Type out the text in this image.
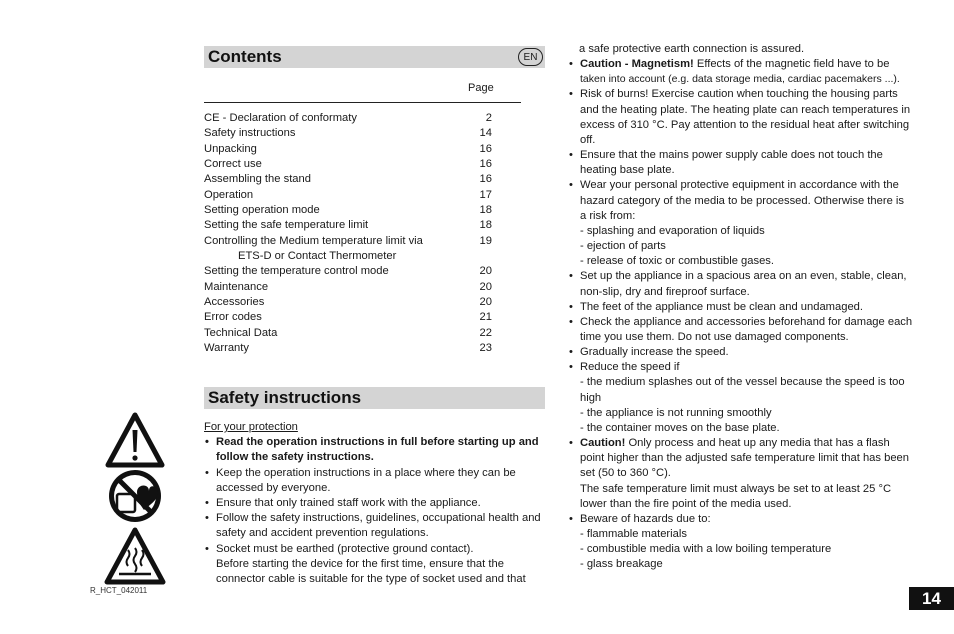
Contents	EN
Page
CE - Declaration of conformaty	2
Safety instructions	14
Unpacking	16
Correct use	16
Assembling the stand	16
Operation	17
Setting operation mode	18
Setting the safe temperature limit	18
Controlling the Medium temperature limit via	19
ETS-D or Contact Thermometer
Setting the temperature control mode	20
Maintenance	20
Accessories	20
Error codes	21
Technical Data	22
Warranty	23
Safety instructions
For your protection
• Read the operation instructions in full before starting up and follow the safety instructions.
• Keep the operation instructions in a place where they can be accessed by everyone.
• Ensure that only trained staff work with the appliance.
• Follow the safety instructions, guidelines, occupational health and safety and accident prevention regulations.
• Socket must be earthed (protective ground contact).
Before starting the device for the first time, ensure that the connector cable is suitable for the type of socket used and that
a safe protective earth connection is assured.
• Caution - Magnetism! Effects of the magnetic field have to be taken into account (e.g. data storage media, cardiac pacemakers ...).
• Risk of burns! Exercise caution when touching the housing parts and the heating plate. The heating plate can reach temperatures in excess of 310 °C. Pay attention to the residual heat after switching off.
• Ensure that the mains power supply cable does not touch the heating base plate.
• Wear your personal protective equipment in accordance with the hazard category of the media to be processed. Otherwise there is a risk from:
- splashing and evaporation of liquids
- ejection of parts
- release of toxic or combustible gases.
• Set up the appliance in a spacious area on an even, stable, clean, non-slip, dry and fireproof surface.
• The feet of the appliance must be clean and undamaged.
• Check the appliance and accessories beforehand for damage each time you use them. Do not use damaged components.
• Gradually increase the speed.
• Reduce the speed if
- the medium splashes out of the vessel because the speed is too high
- the appliance is not running smoothly
- the container moves on the base plate.
• Caution! Only process and heat up any media that has a flash point higher than the adjusted safe temperature limit that has been set (50 to 360 °C).
The safe temperature limit must always be set to at least 25 °C lower than the fire point of the media used.
• Beware of hazards due to:
- flammable materials
- combustible media with a low boiling temperature
- glass breakage
R_HCT_042011	14
